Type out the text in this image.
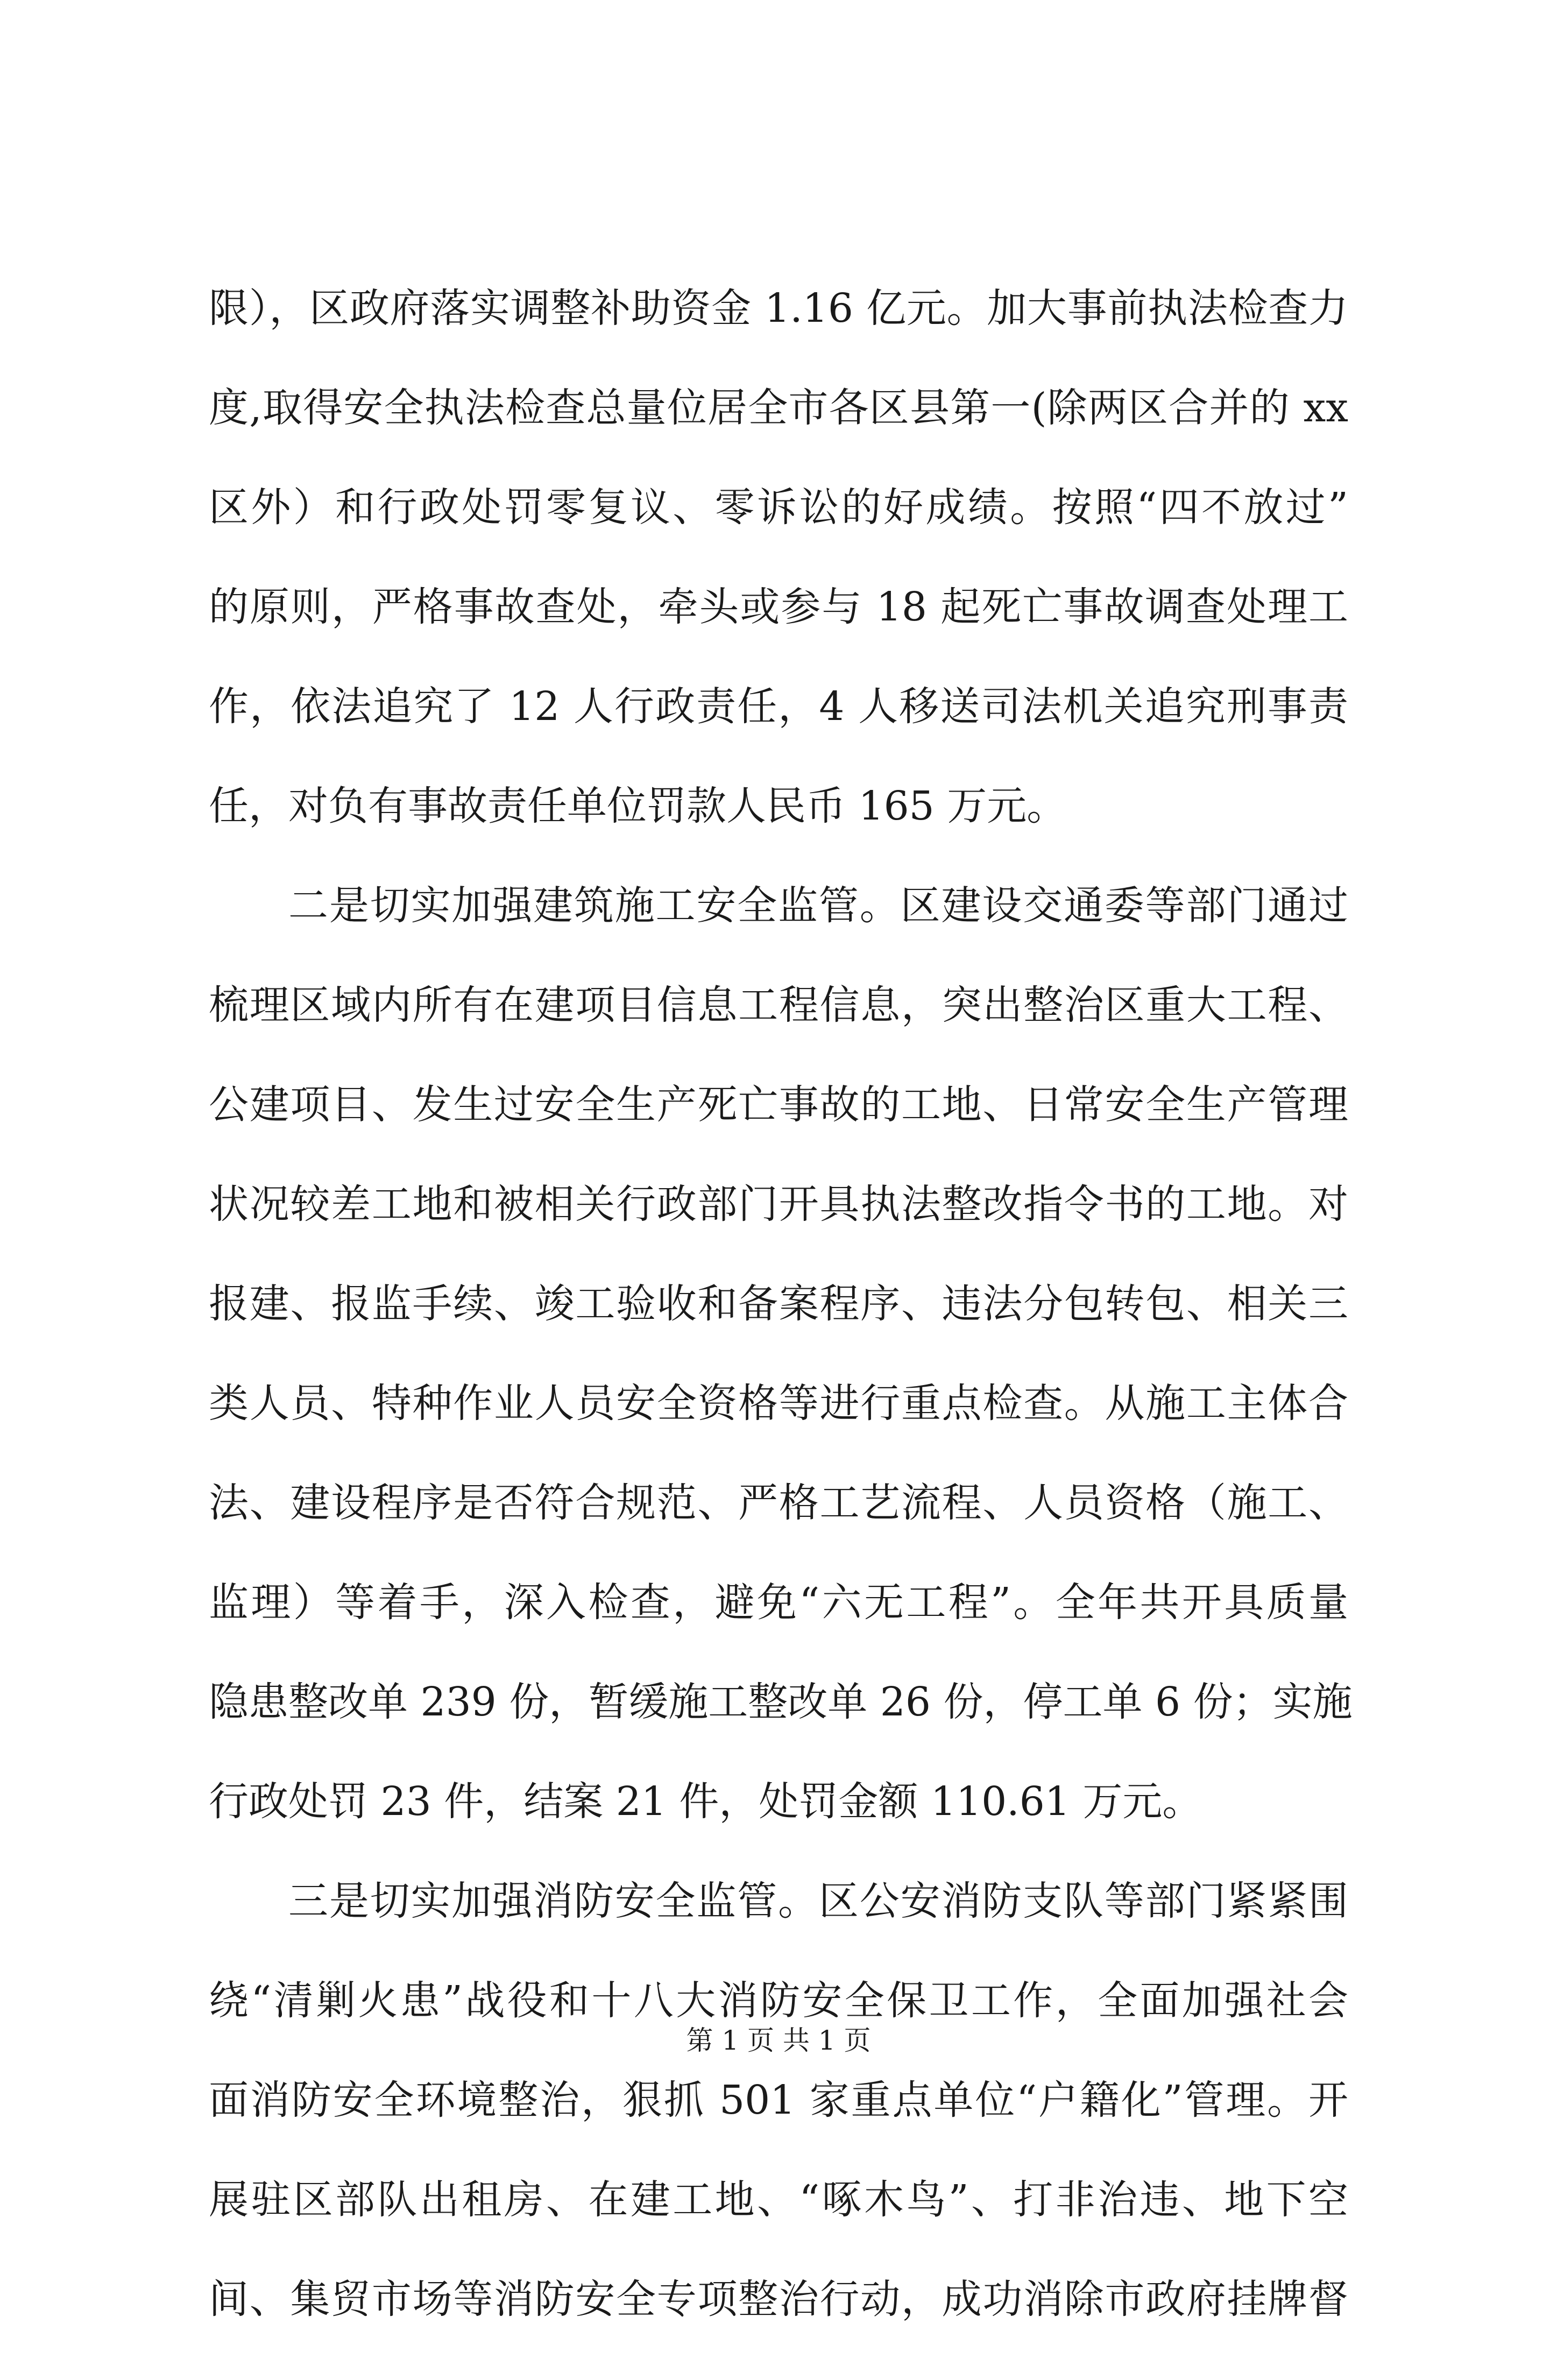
限），区政府落实调整补助资金 1.16 亿元。加大事前执法检查力
度,取得安全执法检查总量位居全市各区县第一(除两区合并的 xx
区外）和行政处罚零复议、零诉讼的好成绩。按照“四不放过”
的原则，严格事故查处，牵头或参与 18 起死亡事故调查处理工
作，依法追究了 12 人行政责任，4 人移送司法机关追究刑事责
任，对负有事故责任单位罚款人民币 165 万元。
二是切实加强建筑施工安全监管。区建设交通委等部门通过
梳理区域内所有在建项目信息工程信息，突出整治区重大工程、
公建项目、发生过安全生产死亡事故的工地、日常安全生产管理
状况较差工地和被相关行政部门开具执法整改指令书的工地。对
报建、报监手续、竣工验收和备案程序、违法分包转包、相关三
类人员、特种作业人员安全资格等进行重点检查。从施工主体合
法、建设程序是否符合规范、严格工艺流程、人员资格（施工、
监理）等着手，深入检查，避免“六无工程”。全年共开具质量
隐患整改单 239 份，暂缓施工整改单 26 份，停工单 6 份；实施
行政处罚 23 件，结案 21 件，处罚金额 110.61 万元。
三是切实加强消防安全监管。区公安消防支队等部门紧紧围
绕“清剿火患”战役和十八大消防安全保卫工作，全面加强社会
面消防安全环境整治，狠抓 501 家重点单位“户籍化”管理。开
展驻区部队出租房、在建工地、“啄木鸟”、打非治违、地下空
间、集贸市场等消防安全专项整治行动，成功消除市政府挂牌督
第 1 页 共 1 页
